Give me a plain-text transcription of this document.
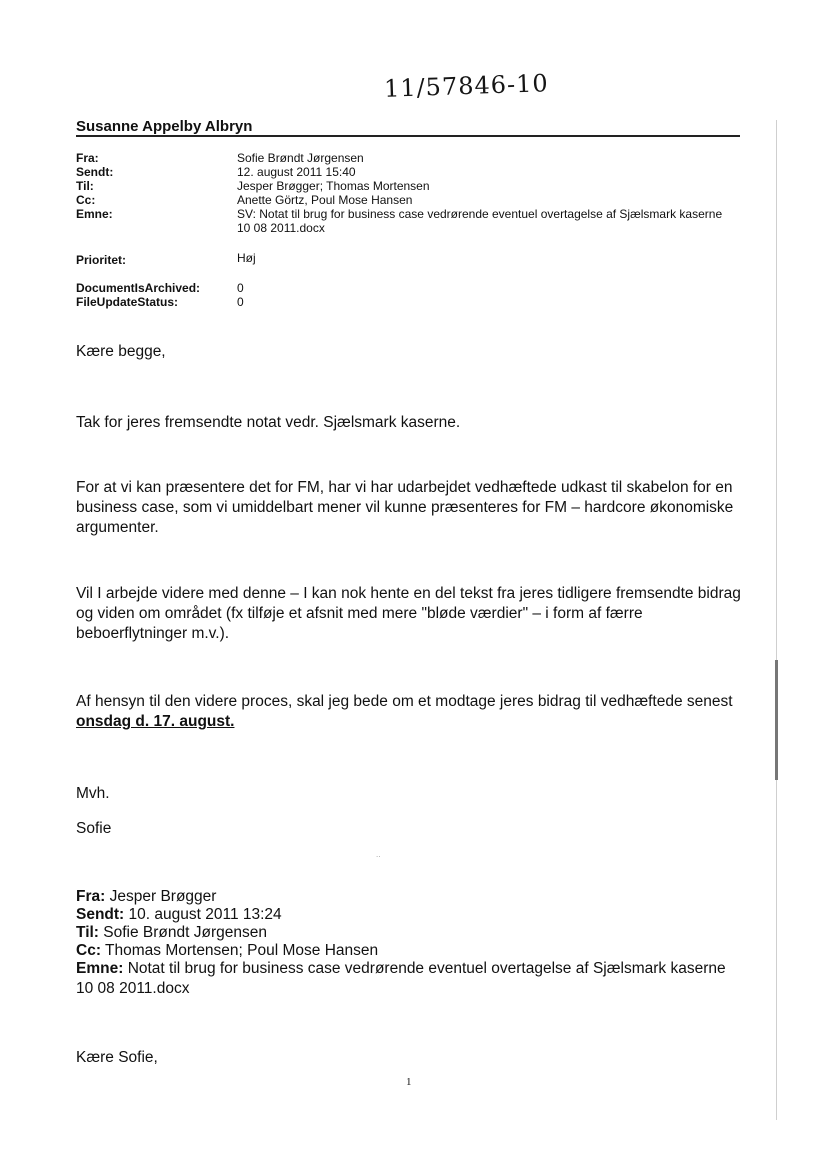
11/57846-10
Susanne Appelby Albryn
Fra:	Sofie Brøndt Jørgensen
Sendt:	12. august 2011 15:40
Til:	Jesper Brøgger; Thomas Mortensen
Cc:	Anette Görtz, Poul Mose Hansen
Emne:	SV: Notat til brug for business case vedrørende eventuel overtagelse af Sjælsmark kaserne 10 08 2011.docx
Prioritet:	Høj
DocumentIsArchived:	0
FileUpdateStatus:	0
Kære begge,
Tak for jeres fremsendte notat vedr. Sjælsmark kaserne.
For at vi kan præsentere det for FM, har vi har udarbejdet vedhæftede udkast til skabelon for en business case, som vi umiddelbart mener vil kunne præsenteres for FM – hardcore økonomiske argumenter.
Vil I arbejde videre med denne – I kan nok hente en del tekst fra jeres tidligere fremsendte bidrag og viden om området (fx tilføje et afsnit med mere "bløde værdier" – i form af færre beboerflytninger m.v.).
Af hensyn til den videre proces, skal jeg bede om et modtage jeres bidrag til vedhæftede senest onsdag d. 17. august.
Mvh.
Sofie
..
Fra: Jesper Brøgger
Sendt: 10. august 2011 13:24
Til: Sofie Brøndt Jørgensen
Cc: Thomas Mortensen; Poul Mose Hansen
Emne: Notat til brug for business case vedrørende eventuel overtagelse af Sjælsmark kaserne 10 08 2011.docx
Kære Sofie,
1
